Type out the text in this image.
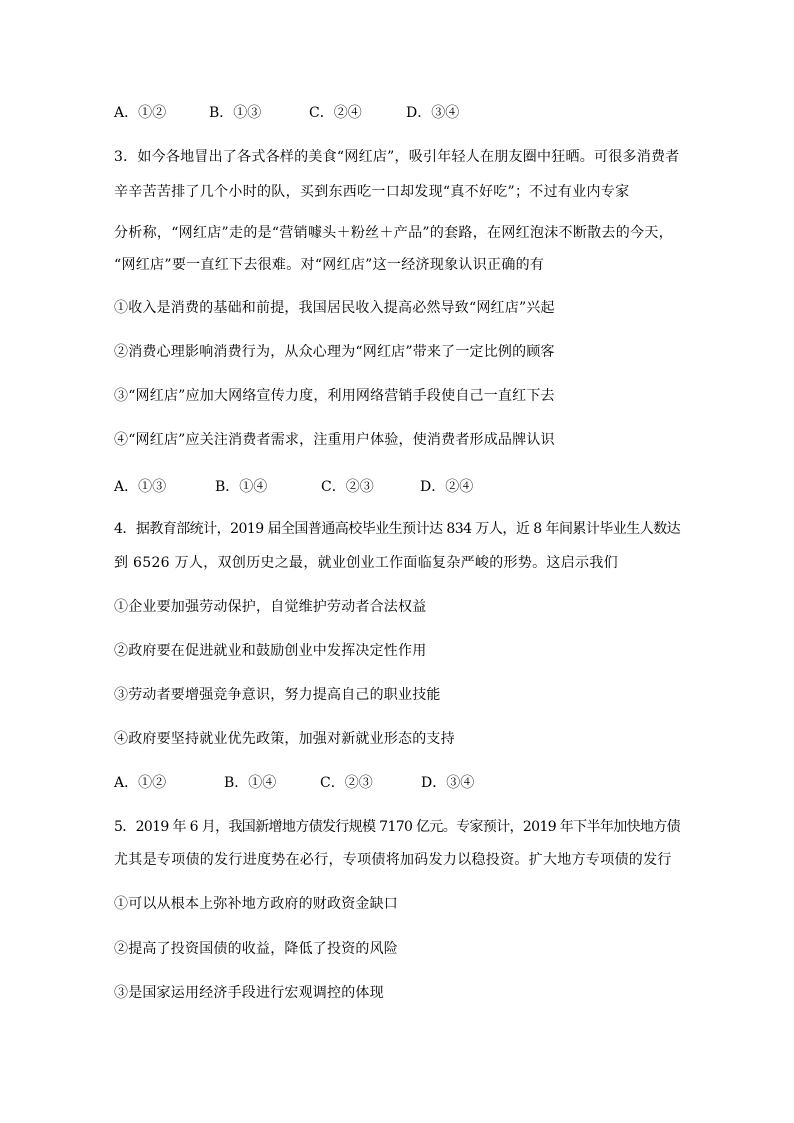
A．①②	B．①③	C．②④	D．③④
3．如今各地冒出了各式各样的美食“网红店”，吸引年轻人在朋友圈中狂晒。可很多消费者
辛辛苦苦排了几个小时的队，买到东西吃一口却发现“真不好吃”；不过有业内专家
分析称，“网红店”走的是“营销噱头＋粉丝＋产品”的套路，在网红泡沫不断散去的今天，
“网红店”要一直红下去很难。对“网红店”这一经济现象认识正确的有
①收入是消费的基础和前提，我国居民收入提高必然导致“网红店”兴起
②消费心理影响消费行为，从众心理为“网红店”带来了一定比例的顾客
③“网红店”应加大网络宣传力度，利用网络营销手段使自己一直红下去
④“网红店”应关注消费者需求，注重用户体验，使消费者形成品牌认识
A．①③	B．①④	C．②③	D．②④
4．据教育部统计，2019 届全国普通高校毕业生预计达 834 万人，近 8 年间累计毕业生人数达
到 6526 万人，双创历史之最，就业创业工作面临复杂严峻的形势。这启示我们
①企业要加强劳动保护，自觉维护劳动者合法权益
②政府要在促进就业和鼓励创业中发挥决定性作用
③劳动者要增强竞争意识，努力提高自己的职业技能
④政府要坚持就业优先政策，加强对新就业形态的支持
A．①②	B．①④	C．②③	D．③④
5．2019 年 6 月，我国新增地方债发行规模 7170 亿元。专家预计，2019 年下半年加快地方债
尤其是专项债的发行进度势在必行，专项债将加码发力以稳投资。扩大地方专项债的发行
①可以从根本上弥补地方政府的财政资金缺口
②提高了投资国债的收益，降低了投资的风险
③是国家运用经济手段进行宏观调控的体现
